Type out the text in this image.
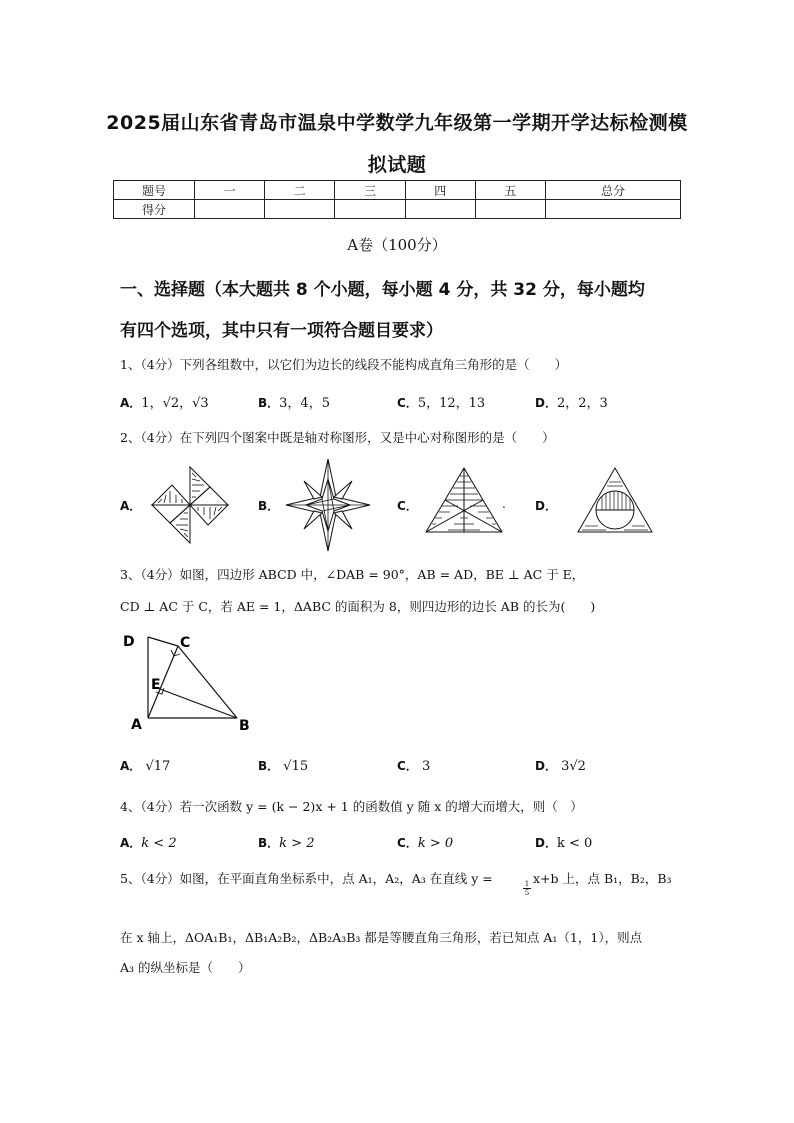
2025届山东省青岛市温泉中学数学九年级第一学期开学达标检测模
拟试题
题号	一	二	三	四	五	总分
得分						
A卷（100分）
一、选择题（本大题共 8 个小题，每小题 4 分，共 32 分，每小题均
有四个选项，其中只有一项符合题目要求）
1、（4分）下列各组数中，以它们为边长的线段不能构成直角三角形的是（　　）
A．1，√2，√3	B．3，4，5	C．5，12，13	D．2，2，3
2、（4分）在下列四个图案中既是轴对称图形，又是中心对称图形的是（　　）
A．	B．	C．	. D．
3、（4分）如图，四边形 ABCD 中，∠DAB = 90°，AB = AD，BE ⊥ AC 于 E，
CD ⊥ AC 于 C，若 AE = 1，ΔABC 的面积为 8，则四边形的边长 AB 的长为(　　)
D	C
E
A	B
A． √17	B． √15	C． 3	D． 3√2
4、（4分）若一次函数 y = (k − 2)x + 1 的函数值 y 随 x 的增大而增大，则（　）
A．k < 2	B．k > 2	C．k > 0	D．k < 0
5、（4分）如图，在平面直角坐标系中，点 A₁，A₂，A₃ 在直线 y =
$\frac{1}{5}$
x+b 上，点 B₁，B₂，B₃
在 x 轴上，ΔOA₁B₁，ΔB₁A₂B₂，ΔB₂A₃B₃ 都是等腰直角三角形，若已知点 A₁（1，1），则点
A₃ 的纵坐标是（　　）
